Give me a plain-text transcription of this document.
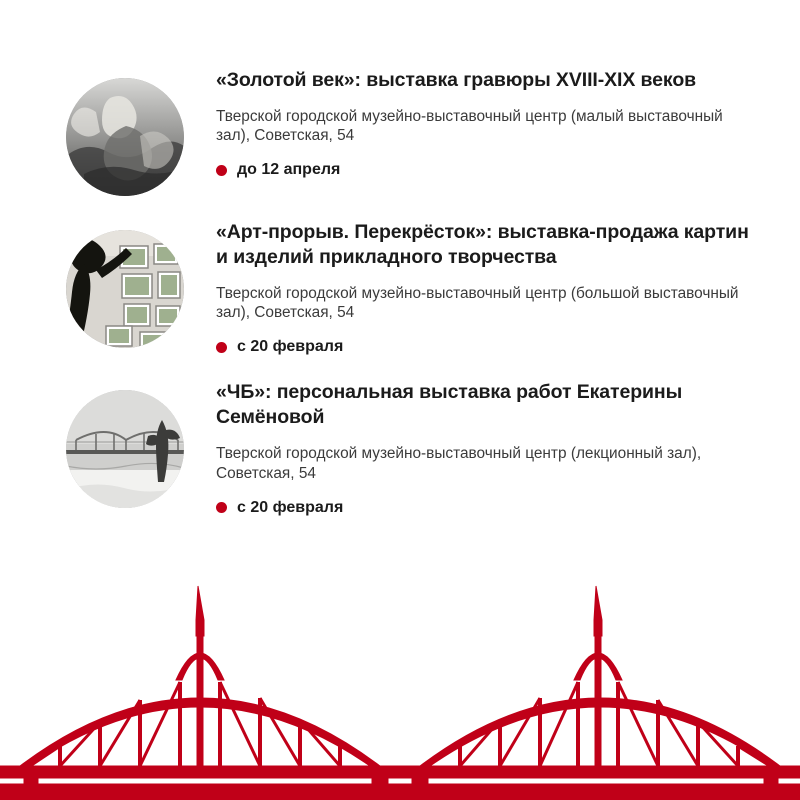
«Золотой век»: выставка гравюры XVIII-XIX веков

Тверской городской музейно-выставочный центр (малый выставочный зал), Советская, 54

до 12 апреля

«Арт-прорыв. Перекрёсток»: выставка-продажа картин и изделий прикладного творчества

Тверской городской музейно-выставочный центр (большой выставочный зал), Советская, 54

с 20 февраля

«ЧБ»: персональная выставка работ Екатерины Семёновой

Тверской городской музейно-выставочный центр (лекционный зал), Советская, 54

с 20 февраля
